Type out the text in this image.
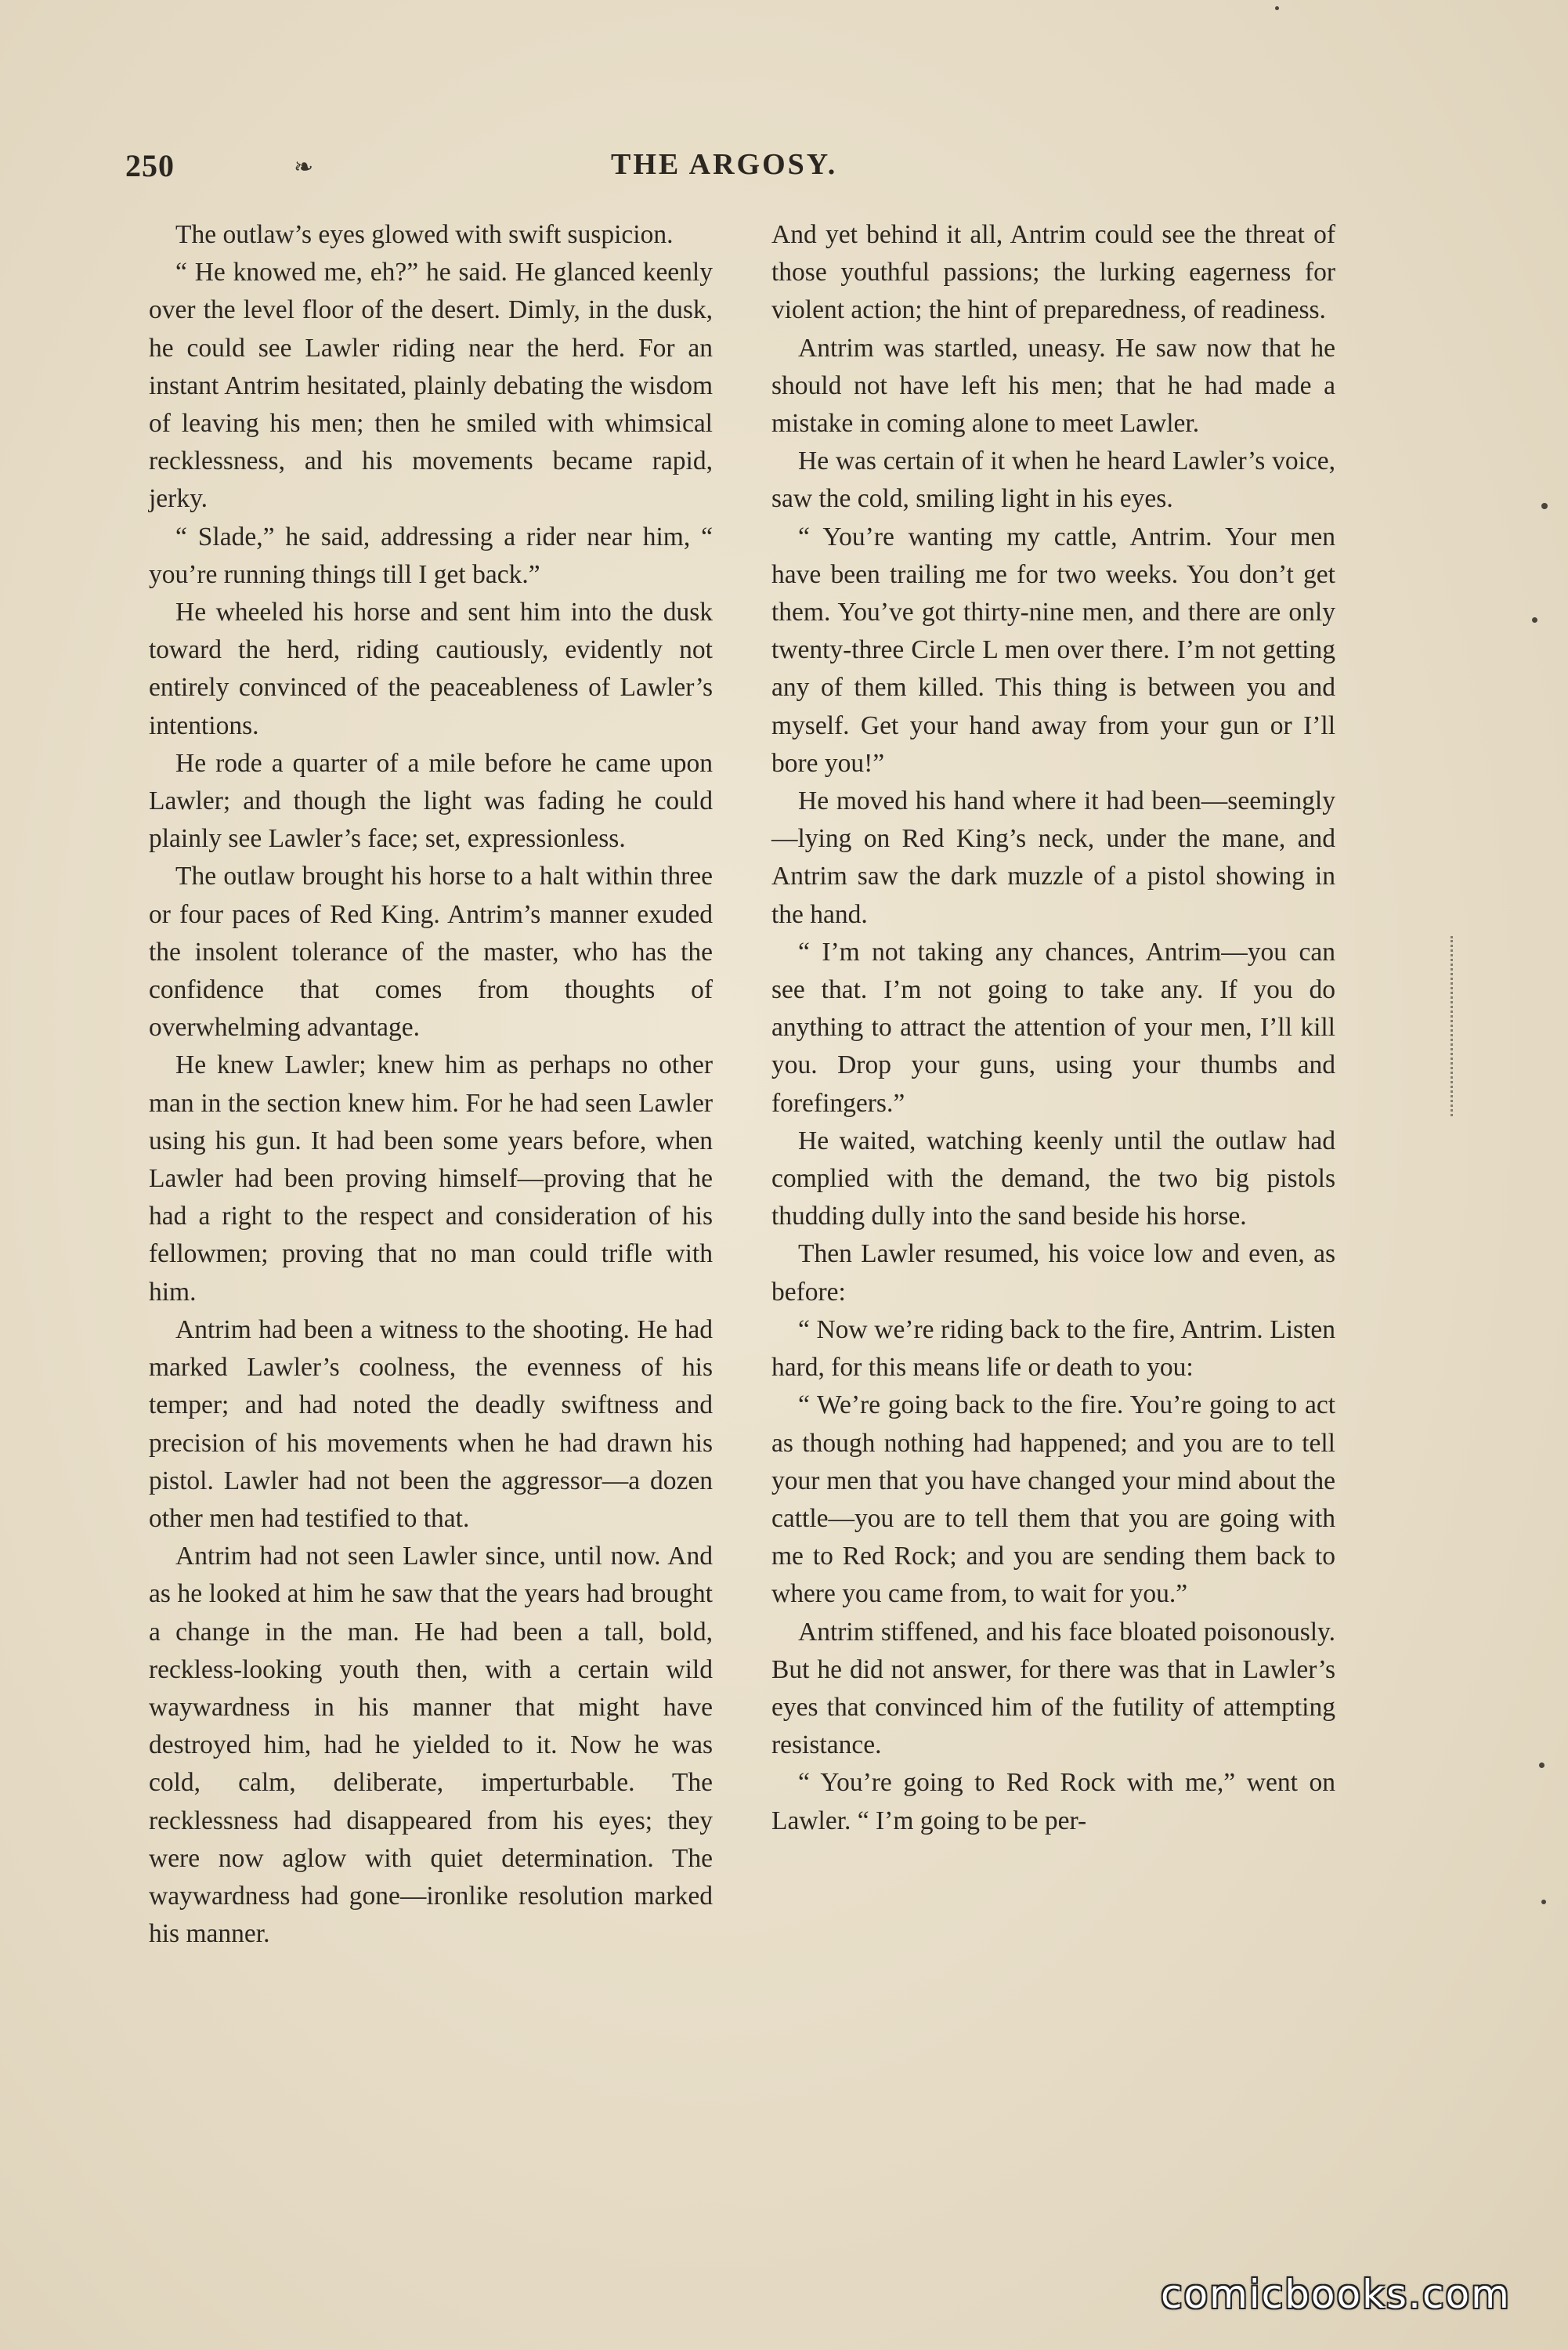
250	❧	THE ARGOSY.

The outlaw’s eyes glowed with swift suspicion.

“ He knowed me, eh?” he said. He glanced keenly over the level floor of the desert. Dimly, in the dusk, he could see Lawler riding near the herd. For an instant Antrim hesitated, plainly debating the wisdom of leaving his men; then he smiled with whimsical recklessness, and his movements became rapid, jerky.

“ Slade,” he said, addressing a rider near him, “ you’re running things till I get back.”

He wheeled his horse and sent him into the dusk toward the herd, riding cautiously, evidently not entirely convinced of the peaceableness of Lawler’s intentions.

He rode a quarter of a mile before he came upon Lawler; and though the light was fading he could plainly see Lawler’s face; set, expressionless.

The outlaw brought his horse to a halt within three or four paces of Red King. Antrim’s manner exuded the insolent tolerance of the master, who has the confidence that comes from thoughts of overwhelming advantage.

He knew Lawler; knew him as perhaps no other man in the section knew him. For he had seen Lawler using his gun. It had been some years before, when Lawler had been proving himself—proving that he had a right to the respect and consideration of his fellowmen; proving that no man could trifle with him.

Antrim had been a witness to the shooting. He had marked Lawler’s coolness, the evenness of his temper; and had noted the deadly swiftness and precision of his movements when he had drawn his pistol. Lawler had not been the aggressor—a dozen other men had testified to that.

Antrim had not seen Lawler since, until now. And as he looked at him he saw that the years had brought a change in the man. He had been a tall, bold, reckless-looking youth then, with a certain wild waywardness in his manner that might have destroyed him, had he yielded to it. Now he was cold, calm, deliberate, imperturbable. The recklessness had disappeared from his eyes; they were now aglow with quiet determination. The waywardness had gone—ironlike resolution marked his manner.

And yet behind it all, Antrim could see the threat of those youthful passions; the lurking eagerness for violent action; the hint of preparedness, of readiness.

Antrim was startled, uneasy. He saw now that he should not have left his men; that he had made a mistake in coming alone to meet Lawler.

He was certain of it when he heard Lawler’s voice, saw the cold, smiling light in his eyes.

“ You’re wanting my cattle, Antrim. Your men have been trailing me for two weeks. You don’t get them. You’ve got thirty-nine men, and there are only twenty-three Circle L men over there. I’m not getting any of them killed. This thing is between you and myself. Get your hand away from your gun or I’ll bore you!”

He moved his hand where it had been—seemingly—lying on Red King’s neck, under the mane, and Antrim saw the dark muzzle of a pistol showing in the hand.

“ I’m not taking any chances, Antrim—you can see that. I’m not going to take any. If you do anything to attract the attention of your men, I’ll kill you. Drop your guns, using your thumbs and forefingers.”

He waited, watching keenly until the outlaw had complied with the demand, the two big pistols thudding dully into the sand beside his horse.

Then Lawler resumed, his voice low and even, as before:

“ Now we’re riding back to the fire, Antrim. Listen hard, for this means life or death to you:

“ We’re going back to the fire. You’re going to act as though nothing had happened; and you are to tell your men that you have changed your mind about the cattle—you are to tell them that you are going with me to Red Rock; and you are sending them back to where you came from, to wait for you.”

Antrim stiffened, and his face bloated poisonously. But he did not answer, for there was that in Lawler’s eyes that convinced him of the futility of attempting resistance.

“ You’re going to Red Rock with me,” went on Lawler. “ I’m going to be per-

comicbooks.com
